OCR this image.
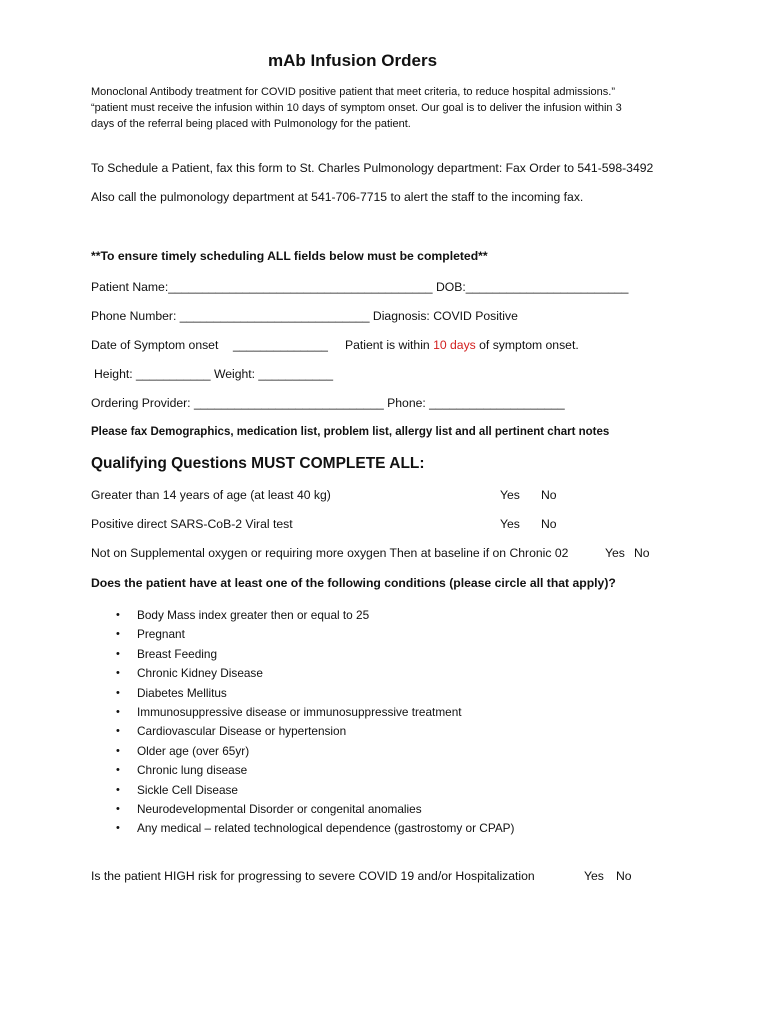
mAb Infusion Orders

Monoclonal Antibody treatment for COVID positive patient that meet criteria, to reduce hospital admissions.”

“patient must receive the infusion within 10 days of symptom onset. Our goal is to deliver the infusion within 3

days of the referral being placed with Pulmonology for the patient.

To Schedule a Patient, fax this form to St. Charles Pulmonology department: Fax Order to 541-598-3492
Also call the pulmonology department at 541-706-7715 to alert the staff to the incoming fax.
**To ensure timely scheduling ALL fields below must be completed**
Patient Name:_______________________________________ DOB:________________________
Phone Number: ____________________________ Diagnosis: COVID Positive
Date of Symptom onset ______________ Patient is within 10 days of symptom onset.
Height: ___________ Weight: ___________
Ordering Provider: ____________________________ Phone: ____________________
Please fax Demographics, medication list, problem list, allergy list and all pertinent chart notes
Qualifying Questions MUST COMPLETE ALL:
Greater than 14 years of age (at least 40 kg)	Yes No
Positive direct SARS-CoB-2 Viral test	Yes No
Not on Supplemental oxygen or requiring more oxygen Then at baseline if on Chronic 02	Yes No
Does the patient have at least one of the following conditions (please circle all that apply)?
• Body Mass index greater then or equal to 25
• Pregnant
• Breast Feeding
• Chronic Kidney Disease
• Diabetes Mellitus
• Immunosuppressive disease or immunosuppressive treatment
• Cardiovascular Disease or hypertension
• Older age (over 65yr)
• Chronic lung disease
• Sickle Cell Disease
• Neurodevelopmental Disorder or congenital anomalies
• Any medical – related technological dependence (gastrostomy or CPAP)
Is the patient HIGH risk for progressing to severe COVID 19 and/or Hospitalization	Yes No
